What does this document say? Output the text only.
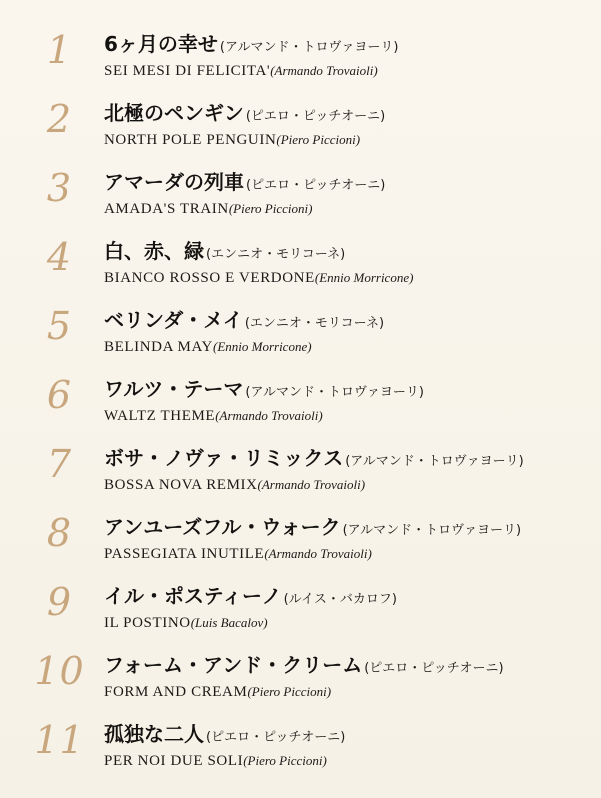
1	6ヶ月の幸せ (アルマンド・トロヴァヨーリ)
SEI MESI DI FELICITA'(Armando Trovaioli)
2	北極のペンギン (ピエロ・ピッチオーニ)
NORTH POLE PENGUIN(Piero Piccioni)
3	アマーダの列車 (ピエロ・ピッチオーニ)
AMADA'S TRAIN(Piero Piccioni)
4	白、赤、緑 (エンニオ・モリコーネ)
BIANCO ROSSO E VERDONE(Ennio Morricone)
5	ベリンダ・メイ (エンニオ・モリコーネ)
BELINDA MAY(Ennio Morricone)
6	ワルツ・テーマ (アルマンド・トロヴァヨーリ)
WALTZ THEME(Armando Trovaioli)
7	ボサ・ノヴァ・リミックス (アルマンド・トロヴァヨーリ)
BOSSA NOVA REMIX(Armando Trovaioli)
8	アンユーズフル・ウォーク (アルマンド・トロヴァヨーリ)
PASSEGIATA INUTILE(Armando Trovaioli)
9	イル・ポスティーノ (ルイス・バカロフ)
IL POSTINO(Luis Bacalov)
10 フォーム・アンド・クリーム (ピエロ・ピッチオーニ)
FORM AND CREAM(Piero Piccioni)
11 孤独な二人 (ピエロ・ピッチオーニ)
PER NOI DUE SOLI(Piero Piccioni)
